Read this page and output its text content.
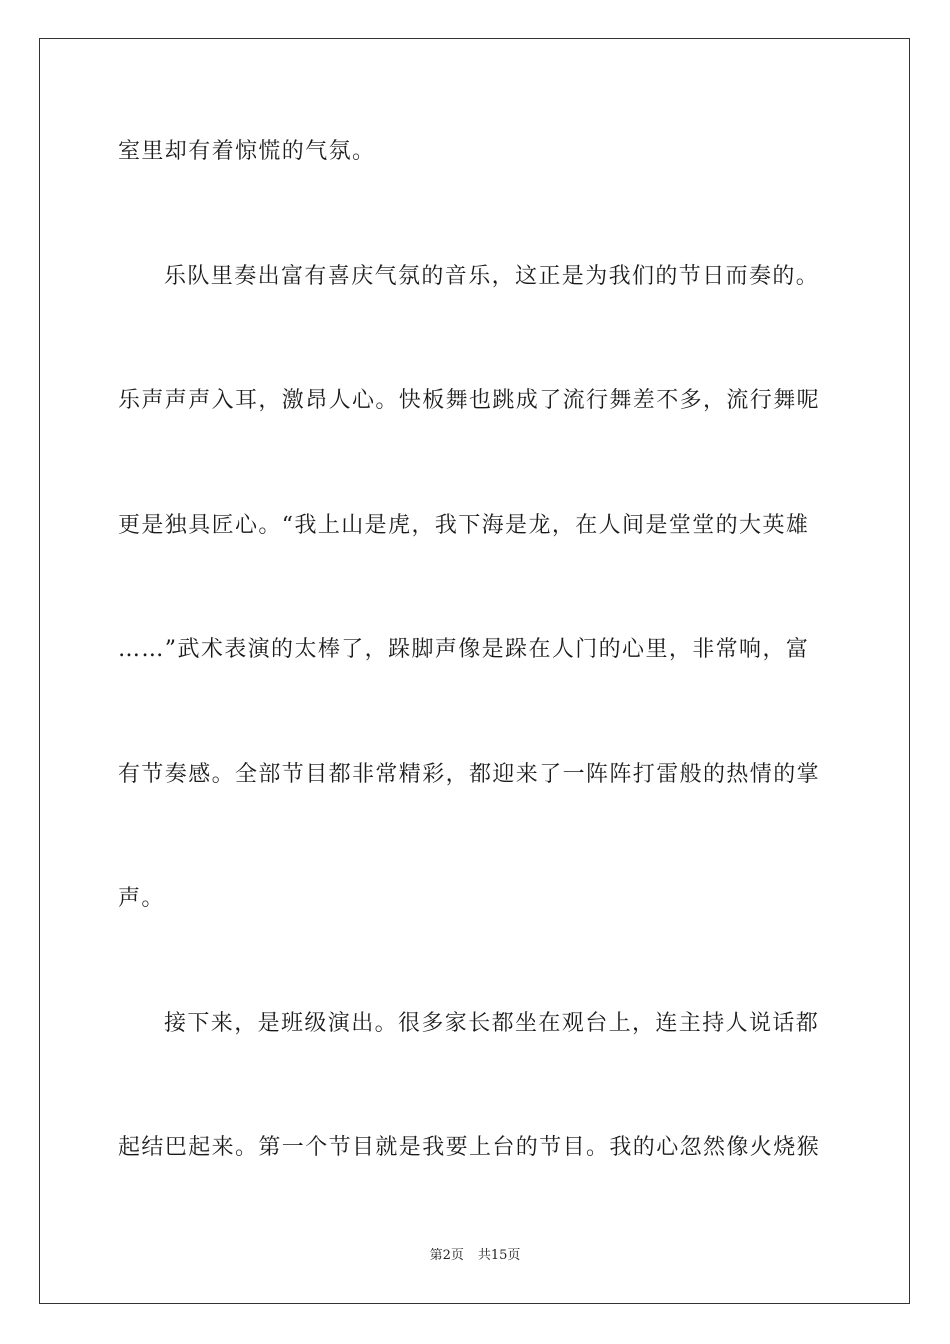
室里却有着惊慌的气氛。
乐队里奏出富有喜庆气氛的音乐，这正是为我们的节日而奏的。
乐声声声入耳，激昂人心。快板舞也跳成了流行舞差不多，流行舞呢
更是独具匠心。“我上山是虎，我下海是龙，在人间是堂堂的大英雄
……”武术表演的太棒了，跺脚声像是跺在人门的心里，非常响，富
有节奏感。全部节目都非常精彩，都迎来了一阵阵打雷般的热情的掌
声。
接下来，是班级演出。很多家长都坐在观台上，连主持人说话都
起结巴起来。第一个节目就是我要上台的节目。我的心忽然像火烧猴
第2页 共15页
